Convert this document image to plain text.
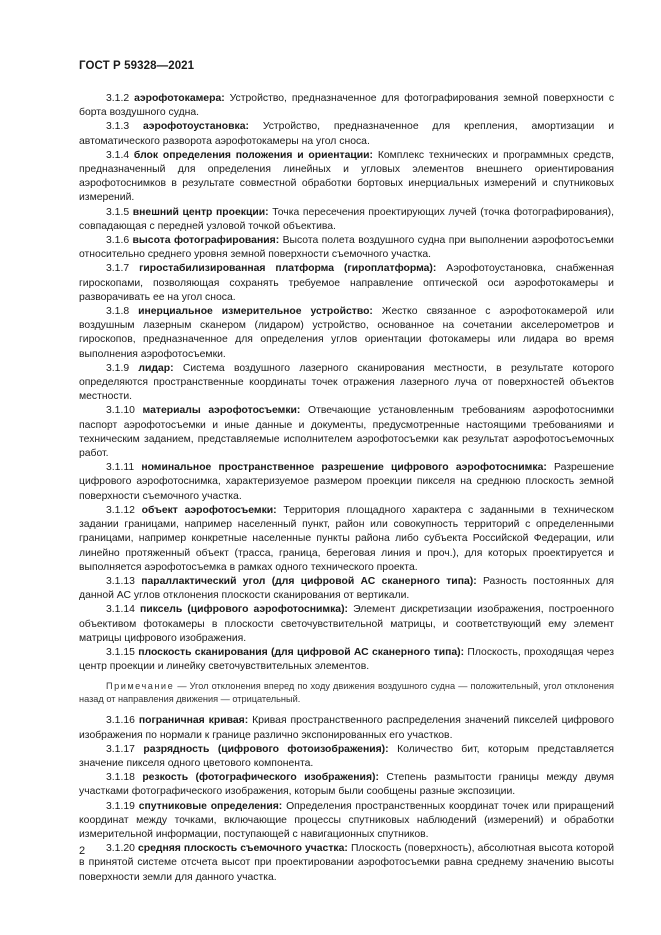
ГОСТ Р 59328—2021

3.1.2 аэрофотокамера: Устройство, предназначенное для фотографирования земной поверхности с борта воздушного судна.

3.1.3 аэрофотоустановка: Устройство, предназначенное для крепления, амортизации и автоматического разворота аэрофотокамеры на угол сноса.

3.1.4 блок определения положения и ориентации: Комплекс технических и программных средств, предназначенный для определения линейных и угловых элементов внешнего ориентирования аэрофотоснимков в результате совместной обработки бортовых инерциальных измерений и спутниковых измерений.

3.1.5 внешний центр проекции: Точка пересечения проектирующих лучей (точка фотографирования), совпадающая с передней узловой точкой объектива.

3.1.6 высота фотографирования: Высота полета воздушного судна при выполнении аэрофотосъемки относительно среднего уровня земной поверхности съемочного участка.

3.1.7 гиростабилизированная платформа (гироплатформа): Аэрофотоустановка, снабженная гироскопами, позволяющая сохранять требуемое направление оптической оси аэрофотокамеры и разворачивать ее на угол сноса.

3.1.8 инерциальное измерительное устройство: Жестко связанное с аэрофотокамерой или воздушным лазерным сканером (лидаром) устройство, основанное на сочетании акселерометров и гироскопов, предназначенное для определения углов ориентации фотокамеры или лидара во время выполнения аэрофотосъемки.

3.1.9 лидар: Система воздушного лазерного сканирования местности, в результате которого определяются пространственные координаты точек отражения лазерного луча от поверхностей объектов местности.

3.1.10 материалы аэрофотосъемки: Отвечающие установленным требованиям аэрофотоснимки паспорт аэрофотосъемки и иные данные и документы, предусмотренные настоящими требованиями и техническим заданием, представляемые исполнителем аэрофотосъемки как результат аэрофотосъемочных работ.

3.1.11 номинальное пространственное разрешение цифрового аэрофотоснимка: Разрешение цифрового аэрофотоснимка, характеризуемое размером проекции пикселя на среднюю плоскость земной поверхности съемочного участка.

3.1.12 объект аэрофотосъемки: Территория площадного характера с заданными в техническом задании границами, например населенный пункт, район или совокупность территорий с определенными границами, например конкретные населенные пункты района либо субъекта Российской Федерации, или линейно протяженный объект (трасса, граница, береговая линия и проч.), для которых проектируется и выполняется аэрофотосъемка в рамках одного технического проекта.

3.1.13 параллактический угол (для цифровой АС сканерного типа): Разность постоянных для данной АС углов отклонения плоскости сканирования от вертикали.

3.1.14 пиксель (цифрового аэрофотоснимка): Элемент дискретизации изображения, построенного объективом фотокамеры в плоскости светочувствительной матрицы, и соответствующий ему элемент матрицы цифрового изображения.

3.1.15 плоскость сканирования (для цифровой АС сканерного типа): Плоскость, проходящая через центр проекции и линейку светочувствительных элементов.

Примечание — Угол отклонения вперед по ходу движения воздушного судна — положительный, угол отклонения назад от направления движения — отрицательный.

3.1.16 пограничная кривая: Кривая пространственного распределения значений пикселей цифрового изображения по нормали к границе различно экспонированных его участков.

3.1.17 разрядность (цифрового фотоизображения): Количество бит, которым представляется значение пикселя одного цветового компонента.

3.1.18 резкость (фотографического изображения): Степень размытости границы между двумя участками фотографического изображения, которым были сообщены разные экспозиции.

3.1.19 спутниковые определения: Определения пространственных координат точек или приращений координат между точками, включающие процессы спутниковых наблюдений (измерений) и обработки измерительной информации, поступающей с навигационных спутников.

3.1.20 средняя плоскость съемочного участка: Плоскость (поверхность), абсолютная высота которой в принятой системе отсчета высот при проектировании аэрофотосъемки равна среднему значению высоты поверхности земли для данного участка.

2
